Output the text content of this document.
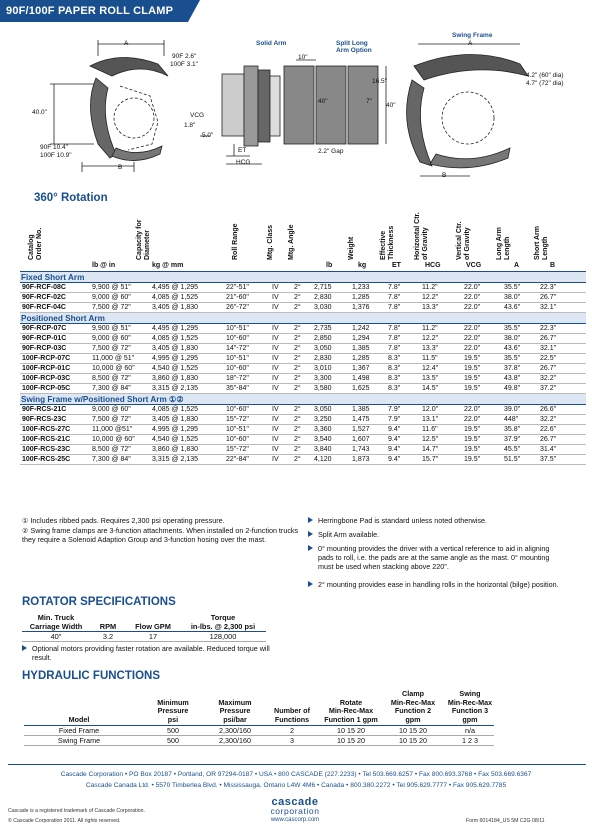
90F/100F PAPER ROLL CLAMP
A
90F 2.6"
100F 3.1"
40.0"	VCG
1.8"
5.0"
90F 10.4"
100F 10.9"
B
Solid Arm	Split Long Arm Option
10"
16.5"
40"	7"
40"
ET
HCG
2.2" Gap
Swing Frame
A
4.2" (60" dia)
4.7" (72" dia)
B
360° Rotation
Catalog
Order No.	Capacity for
Diameter	Roll Range	Mtg. Class Mtg. Angle	Weight	Effective
Thickness	Horizontal Ctr.
of Gravity	Vertical Ctr.
of Gravity	Long Arm
Length	Short Arm
Length
lb @ in	kg @ mm	lb	kg	ET	HCG	VCG	A	B
Fixed Short Arm
90F-RCF-08C	9,900 @ 51"	4,495 @ 1,295	22"-51"	IV 2° 2,715	1,233	7.8"	11.2"	22.0"	35.5"	22.3"
90F-RCF-02C	9,000 @ 60"	4,085 @ 1,525	21"-60"	IV 2° 2,830	1,285	7.8"	12.2"	22.0"	38.0"	26.7"
90F-RCF-04C	7,500 @ 72"	3,405 @ 1,830	26"-72"	IV 2° 3,030	1,376	7.8"	13.3"	22.0"	43.6"	32.1"
Positioned Short Arm
90F-RCP-07C	9,900 @ 51"	4,495 @ 1,295	10"-51"	IV 2° 2,735	1,242	7.8"	11.2"	22.0"	35.5"	22.3"
90F-RCP-01C	9,000 @ 60"	4,085 @ 1,525	10"-60"	IV 2° 2,850	1,294	7.8"	12.2"	22.0"	38.0"	26.7"
90F-RCP-03C	7,500 @ 72"	3,405 @ 1,830	14"-72"	IV 2° 3,050	1,385	7.8"	13.3"	22.0"	43.6"	32.1"
100F-RCP-07C	11,000 @ 51"	4,995 @ 1,295	10"-51"	IV 2° 2,830	1,285	8.3"	11.5"	19.5"	35.5"	22.5"
100F-RCP-01C	10,000 @ 60" 4,540 @ 1,525	10"-60"	IV 2° 3,010	1,367	8.3"	12.4"	19.5"	37.8"	26.7"
100F-RCP-03C	8,500 @ 72"	3,860 @ 1,830	18"-72"	IV 2° 3,300	1,498	8.3"	13.5"	19.5"	43.8"	32.2"
100F-RCP-05C	7,300 @ 84"	3,315 @ 2,135	35"-84"	IV 2° 3,580	1,625	8.3"	14.5"	19.5"	49.8"	37.2"
Swing Frame w/Positioned Short Arm ①②
90F-RCS-21C	9,000 @ 60"	4,085 @ 1,525	10"-60"	IV 2° 3,050	1,385	7.9"	12.0"	22.0"	39.0"	26.6"
90F-RCS-23C	7,500 @ 72"	3,405 @ 1,830	15"-72"	IV 2° 3,250	1,475	7.9"	13.1"	22.0"	448"	32.2"
100F-RCS-27C	11,000 @51"	4,995 @ 1,295	10"-51"	IV 2° 3,360	1,527	9.4"	11.6"	19.5"	35.8"	22.6"
100F-RCS-21C	10,000 @ 60" 4,540 @ 1,525	10"-60"	IV 2° 3,540	1,607	9.4"	12.5"	19.5"	37.9"	26.7"
100F-RCS-23C	8,500 @ 72"	3,860 @ 1,830	15"-72"	IV 2° 3,840	1,743	9.4"	14.7"	19.5"	45.5"	31.4"
100F-RCS-25C	7,300 @ 84"	3,315 @ 2,135	22"-84"	IV 2° 4,120	1,873	9.4"	15.7"	19.5"	51.5"	37.5"
① Includes ribbed pads. Requires 2,300 psi operating pressure.
② Swing frame clamps are 3-function attachments. When installed on 2-function trucks they require a Solenoid Adaption Group and 3-function hosing over the mast.
Herringbone Pad is standard unless noted otherwise.
Split Arm available.
0° mounting provides the driver with a vertical reference to aid in aligning pads to roll, i.e. the pads are at the same angle as the mast. 0° mounting must be used when stacking above 220".
2° mounting provides ease in handling rolls in the horizontal (bilge) position.
ROTATOR SPECIFICATIONS
Min. Truck
Carriage Width	RPM	Flow GPM
Torque
in-lbs. @ 2,300 psi
40"	3.2	17	128,000
Optional motors providing faster rotation are available. Reduced torque will result.
HYDRAULIC FUNCTIONS
Model
Minimum
Pressure
psi
Maximum
Pressure
psi/bar
Number of
Functions
Rotate
Min-Rec-Max
Function 1 gpm
Clamp
Min-Rec-Max
Function 2
gpm
Swing
Min-Rec-Max
Function 3
gpm
Fixed Frame	500	2,300/160	2	10 15 20	10 15 20	n/a
Swing Frame	500	2,300/160	3	10 15 20	10 15 20	1 2 3
Cascade Corporation • PO Box 20187 • Portland, OR 97294-0187 • USA • 800 CASCADE (227.2233) • Tel 503.669.6257 • Fax 800.693.3768 • Fax 503.669.6367
Cascade Canada Ltd. • 5570 Timberlea Blvd. • Mississauga, Ontario L4W 4M6 • Canada • 800.380.2272 • Tel 905.629.7777 • Fax 905.629.7785
Cascade is a registered trademark of Cascade Corporation.
© Cascade Corporation 2011. All rights reserved.
cascade
corporation
www.cascorp.com	Form 6014184_US 5M C2G 08/11
